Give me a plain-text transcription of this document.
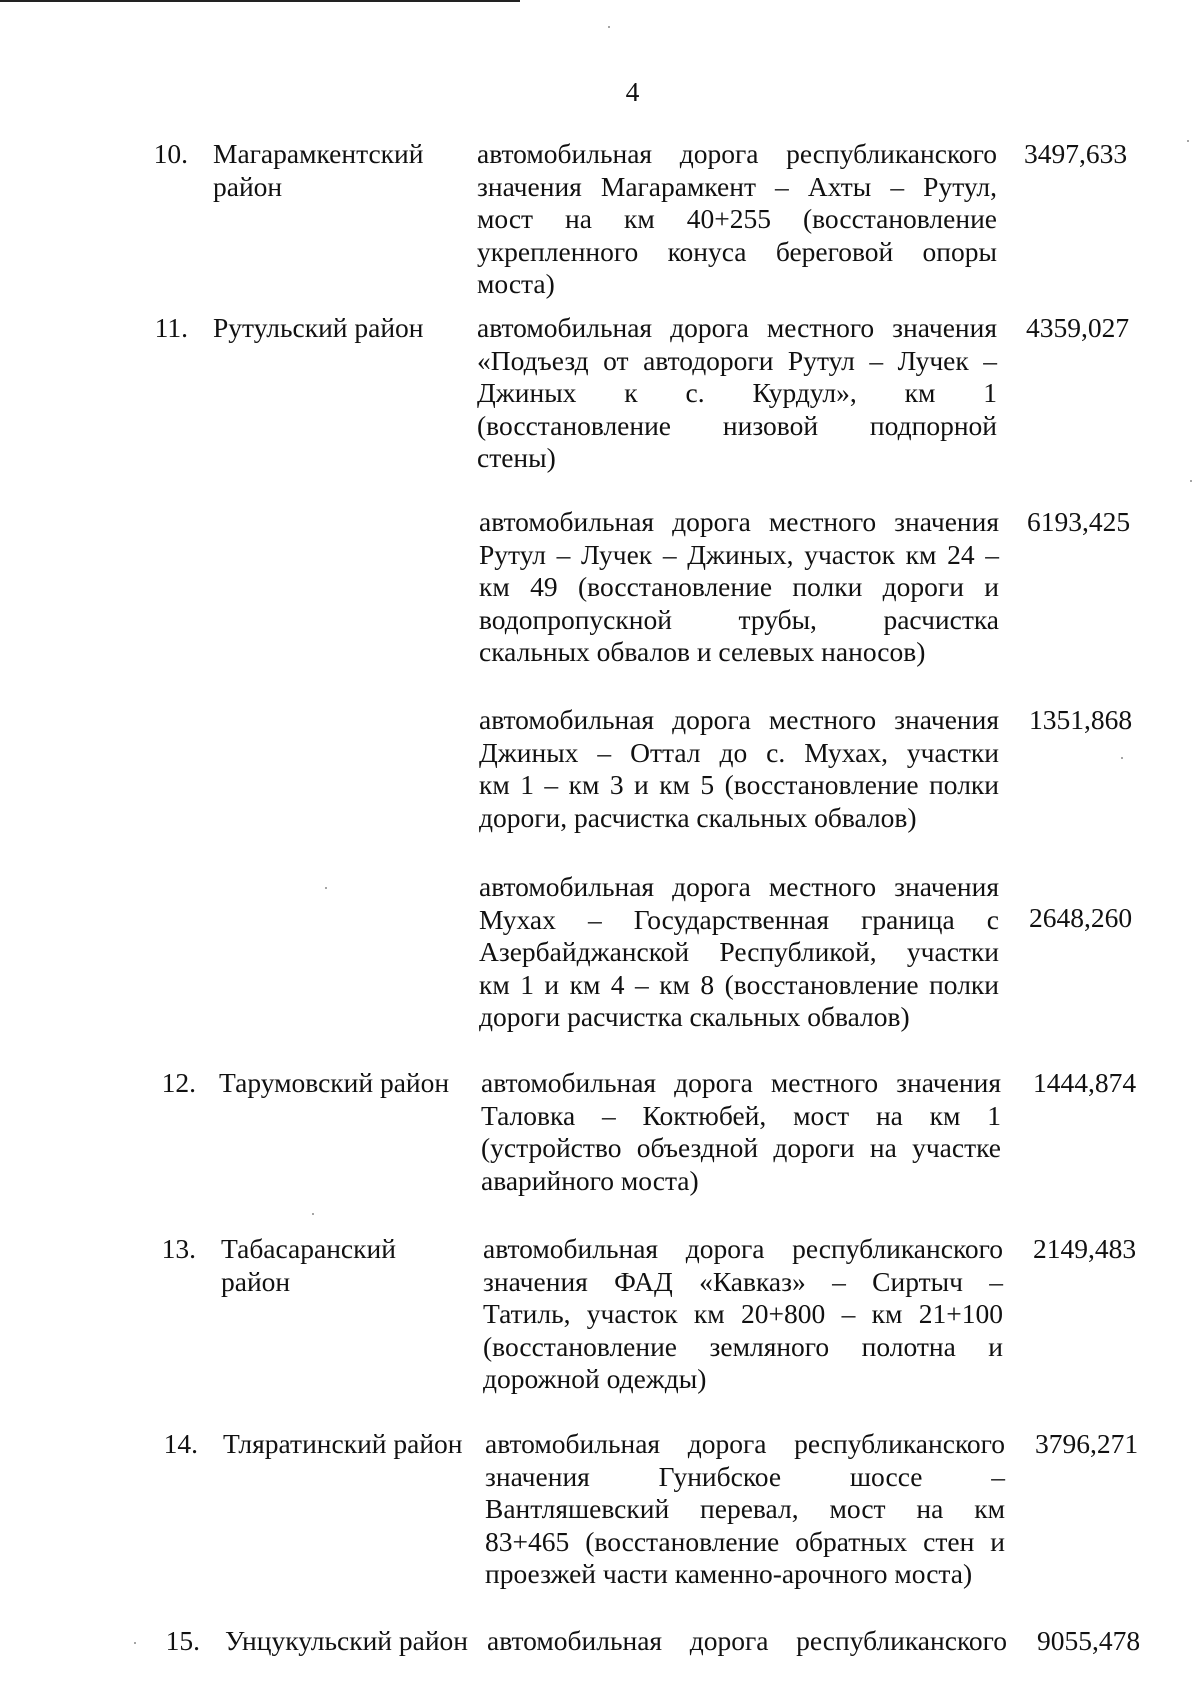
4
10. Магарамкентский район
автомобильная дорога республиканского
значения Магарамкент – Ахты – Рутул,
мост на км 40+255 (восстановление
укрепленного конуса береговой опоры
моста)
3497,633
11. Рутульский район	автомобильная дорога местного значения
«Подъезд от автодороги Рутул – Лучек –
Джиных к с. Курдул», км 1
(восстановление низовой подпорной
стены)
4359,027
автомобильная дорога местного значения
Рутул – Лучек – Джиных, участок км 24 –
км 49 (восстановление полки дороги и
водопропускной трубы, расчистка
скальных обвалов и селевых наносов)
6193,425
автомобильная дорога местного значения
Джиных – Оттал до с. Мухах, участки
км 1 – км 3 и км 5 (восстановление полки
дороги, расчистка скальных обвалов)
1351,868
автомобильная дорога местного значения
Мухах – Государственная граница с
Азербайджанской Республикой, участки
км 1 и км 4 – км 8 (восстановление полки
дороги расчистка скальных обвалов)
2648,260
12. Тарумовский район	автомобильная дорога местного значения
Таловка – Коктюбей, мост на км 1
(устройство объездной дороги на участке
аварийного моста)
1444,874
13. Табасаранский район
автомобильная дорога республиканского
значения ФАД «Кавказ» – Сиртыч –
Татиль, участок км 20+800 – км 21+100
(восстановление земляного полотна и
дорожной одежды)
2149,483
14. Тляратинский район автомобильная дорога республиканского
значения Гунибское шоссе –
Вантляшевский перевал, мост на км
83+465 (восстановление обратных стен и
проезжей части каменно-арочного моста)
3796,271
15. Унцукульский район автомобильная дорога республиканского 9055,478
